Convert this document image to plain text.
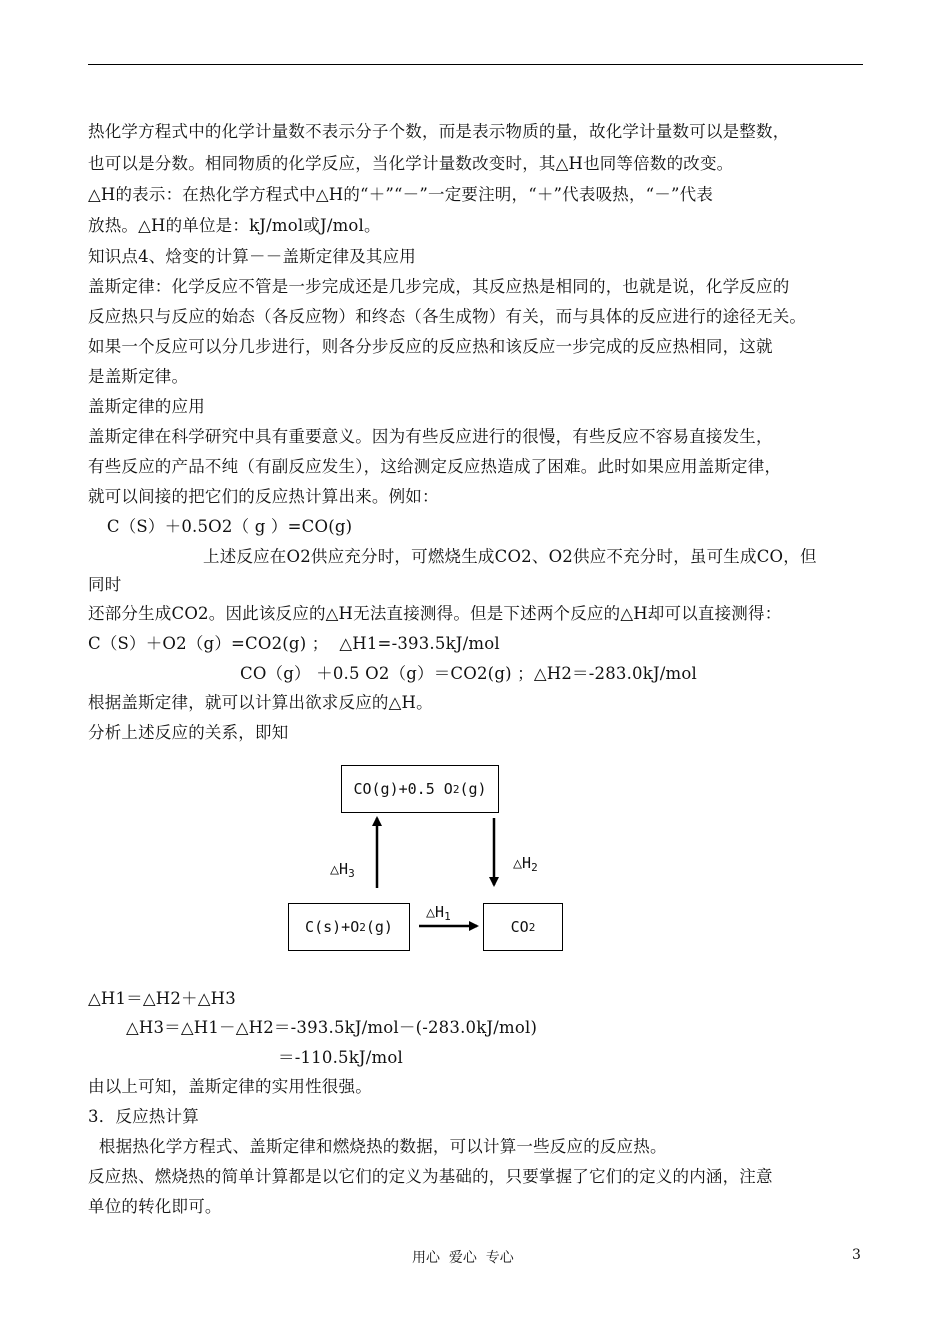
热化学方程式中的化学计量数不表示分子个数，而是表示物质的量，故化学计量数可以是整数，
也可以是分数。相同物质的化学反应，当化学计量数改变时，其△H也同等倍数的改变。
△H的表示：在热化学方程式中△H的“＋”“－”一定要注明，“＋”代表吸热，“－”代表
放热。△H的单位是：kJ/mol或J/mol。
知识点4、焓变的计算－－盖斯定律及其应用
盖斯定律：化学反应不管是一步完成还是几步完成，其反应热是相同的，也就是说，化学反应的
反应热只与反应的始态（各反应物）和终态（各生成物）有关，而与具体的反应进行的途径无关。
如果一个反应可以分几步进行，则各分步反应的反应热和该反应一步完成的反应热相同，这就
是盖斯定律。
盖斯定律的应用
盖斯定律在科学研究中具有重要意义。因为有些反应进行的很慢，有些反应不容易直接发生，
有些反应的产品不纯（有副反应发生），这给测定反应热造成了困难。此时如果应用盖斯定律，
就可以间接的把它们的反应热计算出来。例如：
C（S）＋0.5O2（ g ）=CO(g)
上述反应在O2供应充分时，可燃烧生成CO2、O2供应不充分时，虽可生成CO，但
同时
还部分生成CO2。因此该反应的△H无法直接测得。但是下述两个反应的△H却可以直接测得：
C（S）＋O2（g）=CO2(g) ；  △H1=-393.5kJ/mol
CO（g） ＋0.5 O2（g）＝CO2(g) ；△H2＝-283.0kJ/mol
根据盖斯定律，就可以计算出欲求反应的△H。
分析上述反应的关系，即知
CO(g)+0.5 O 2 (g)
C(s)+O 2 (g)	CO 2
$\triangle H_3$
$\triangle H_2$
$\triangle H_1$
△H1＝△H2＋△H3
△H3＝△H1－△H2＝-393.5kJ/mol－(-283.0kJ/mol)
＝-110.5kJ/mol
由以上可知，盖斯定律的实用性很强。
3．反应热计算
根据热化学方程式、盖斯定律和燃烧热的数据，可以计算一些反应的反应热。
反应热、燃烧热的简单计算都是以它们的定义为基础的，只要掌握了它们的定义的内涵，注意
单位的转化即可。
用心  爱心  专心	3
